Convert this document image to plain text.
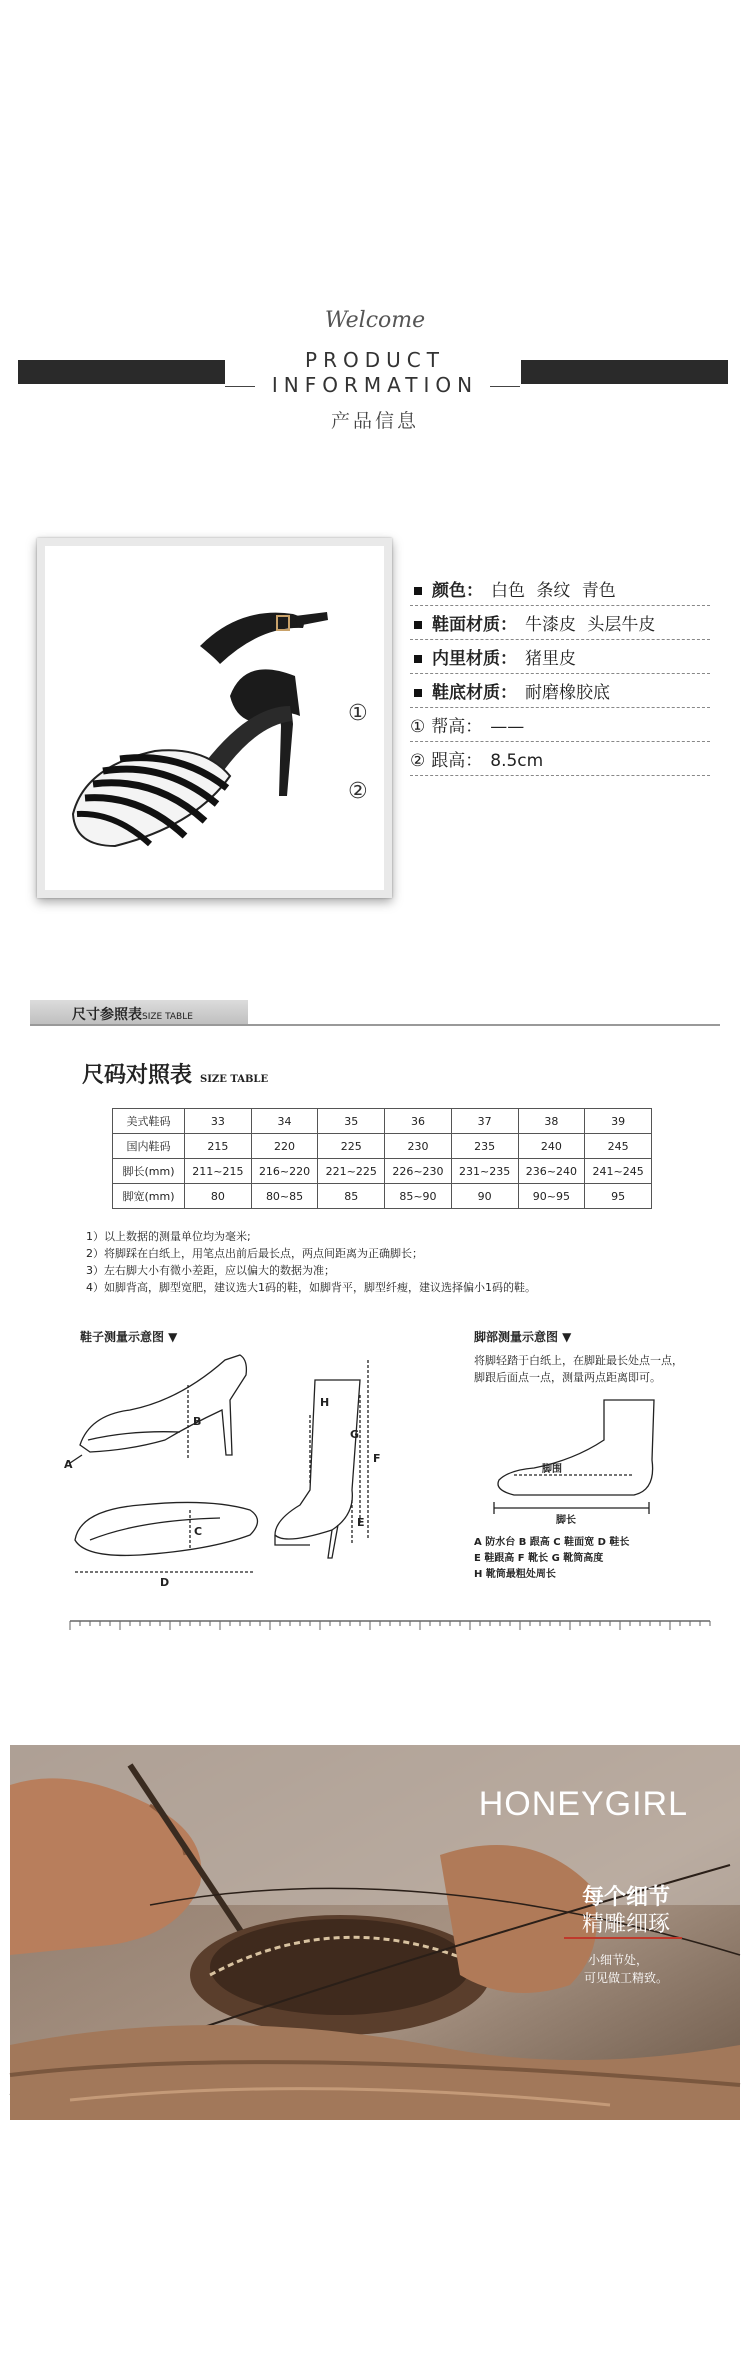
Welcome
PRODUCT
INFORMATION
产品信息
①
②
颜色： 白色 条纹 青色
鞋面材质： 牛漆皮 头层牛皮
内里材质： 猪里皮
鞋底材质： 耐磨橡胶底
① 帮高： ——
② 跟高： 8.5cm
尺寸参照表SIZE TABLE
尺码对照表 SIZE TABLE
美式鞋码	33	34	35	36	37	38	39
国内鞋码	215	220	225	230	235	240	245
脚长(mm)	211~215	216~220	221~225	226~230	231~235	236~240	241~245
脚宽(mm)	80	80~85	85	85~90	90	90~95	95
1）以上数据的测量单位均为毫米;
2）将脚踩在白纸上，用笔点出前后最长点，两点间距离为正确脚长；
3）左右脚大小有微小差距，应以偏大的数据为准；
4）如脚背高，脚型宽肥，建议选大1码的鞋，如脚背平，脚型纤瘦，建议选择偏小1码的鞋。
鞋子测量示意图 ▼	脚部测量示意图 ▼
将脚轻踏于白纸上，在脚趾最长处点一点，
脚跟后面点一点，测量两点距离即可。
A
B
C
D
E
F
G
H
脚围
脚长
A 防水台 B 跟高 C 鞋面宽 D 鞋长
E 鞋跟高 F 靴长 G 靴筒高度
H 靴筒最粗处周长
HONEYGIRL
每个细节
精雕细琢
小细节处，
可见做工精致。
